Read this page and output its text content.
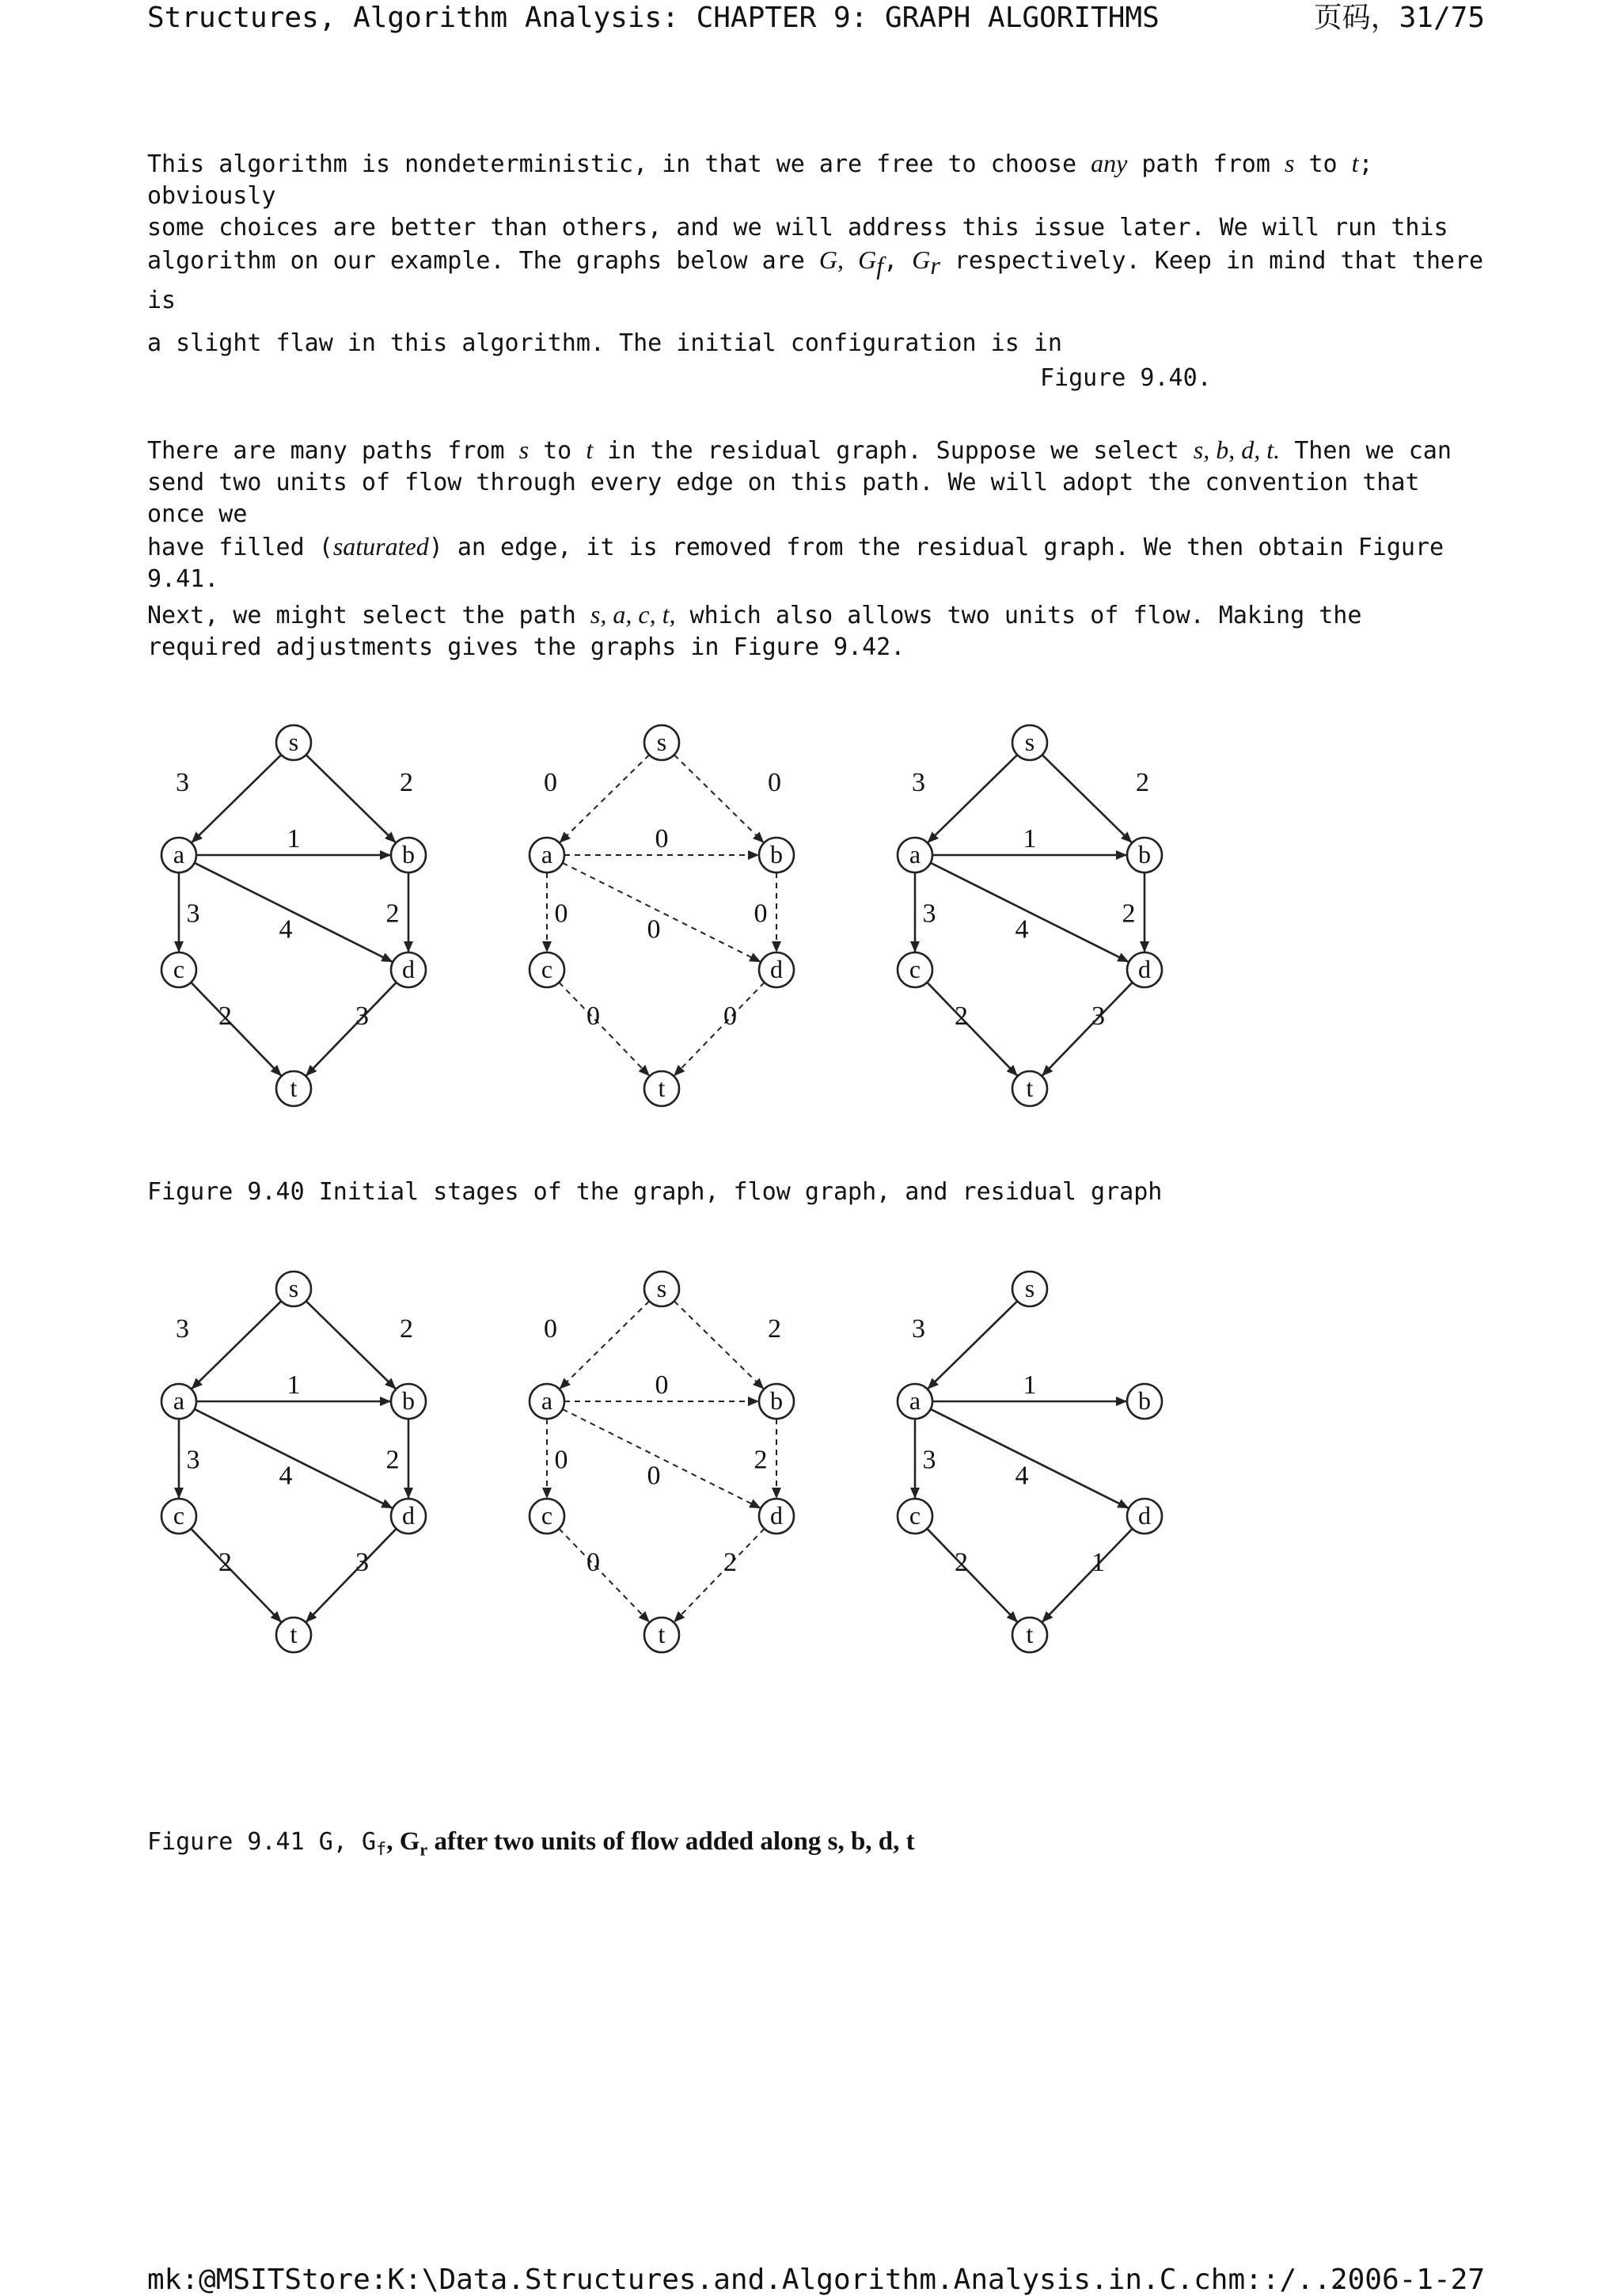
Structures, Algorithm Analysis: CHAPTER 9: GRAPH ALGORITHMS	页码，31/75
This algorithm is nondeterministic, in that we are free to choose any path from s to t; obviously
some choices are better than others, and we will address this issue later. We will run this
algorithm on our example. The graphs below are G, $G_f$, $G_r$ respectively. Keep in mind that there is
a slight flaw in this algorithm. The initial configuration is in
Figure 9.40.
There are many paths from s to t in the residual graph. Suppose we select s, b, d, t. Then we can
send two units of flow through every edge on this path. We will adopt the convention that once we
have filled (saturated) an edge, it is removed from the residual graph. We then obtain Figure
9.41.
Next, we might select the path s, a, c, t, which also allows two units of flow. Making the
required adjustments gives the graphs in Figure 9.42.
3	2
1
3
4
2
2	3
s
a	b
c	d
t
0	0
0
0
0
0
0	0
s
a	b
c	d
t
3	2
1
3
4
2
2	3
s
a	b
c	d
t
Figure 9.40 Initial stages of the graph, flow graph, and residual graph
3	2
1
3
4
2
2	3
s
a	b
c	d
t
0	2
0
0
0
2
0	2
s
a	b
c	d
t
3
1
3
4
2	1
s
a	b
c	d
t
Figure 9.41 G, $G_f$, $G_r$ after two units of flow added along s, b, d, t
mk:@MSITStore:K:\Data.Structures.and.Algorithm.Analysis.in.C.chm::/...
2006-1-27
